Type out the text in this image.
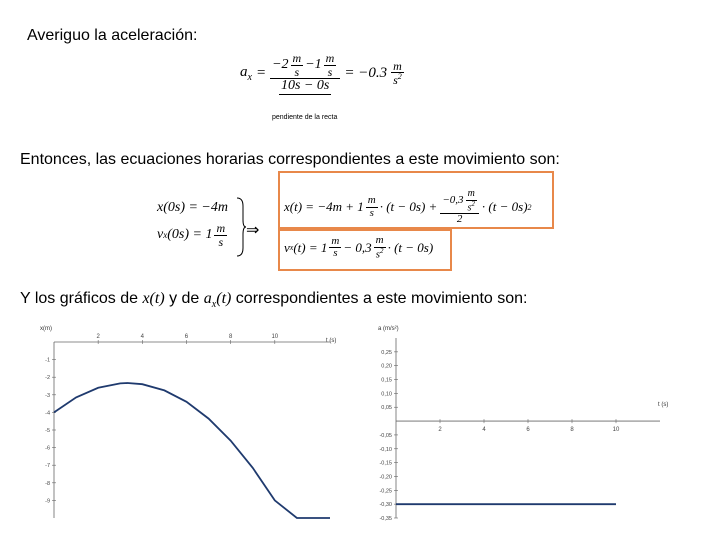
Averiguo la aceleración:
$a_x = \frac{-2 \frac{m}{s} -1 \frac{m}{s}}{10s - 0s} = -0.3 \frac{m}{s^2}$
pendiente de la recta
Entonces, las ecuaciones horarias correspondientes a este movimiento son:
x(0s) = −4m
v x $(0s) = 1 \frac{m}{s}$ ⇒
$x(t) = -4m + 1 \frac{m}{s} \cdot (t - 0s) + \frac{-0,3 \frac{m}{s^2}}{2} \cdot (t - 0s)$ 2
v x $(t) = 1 \frac{m}{s} - 0,3 \frac{m}{s^2} \cdot (t - 0s)$
Y los gráficos de x(t) y de $a_x(t)$ correspondientes a este movimiento son:
x(m)
t (s)
2	4	6	8	10
-1
-2
-3
-4
-5
-6
-7
-8
-9
a (m/s²)
t (s)
2	4	6	8	10
0,25
0,20
0,15
0,10
0,05
-0,05
-0,10
-0,15
-0,20
-0,25
-0,30
-0,35
